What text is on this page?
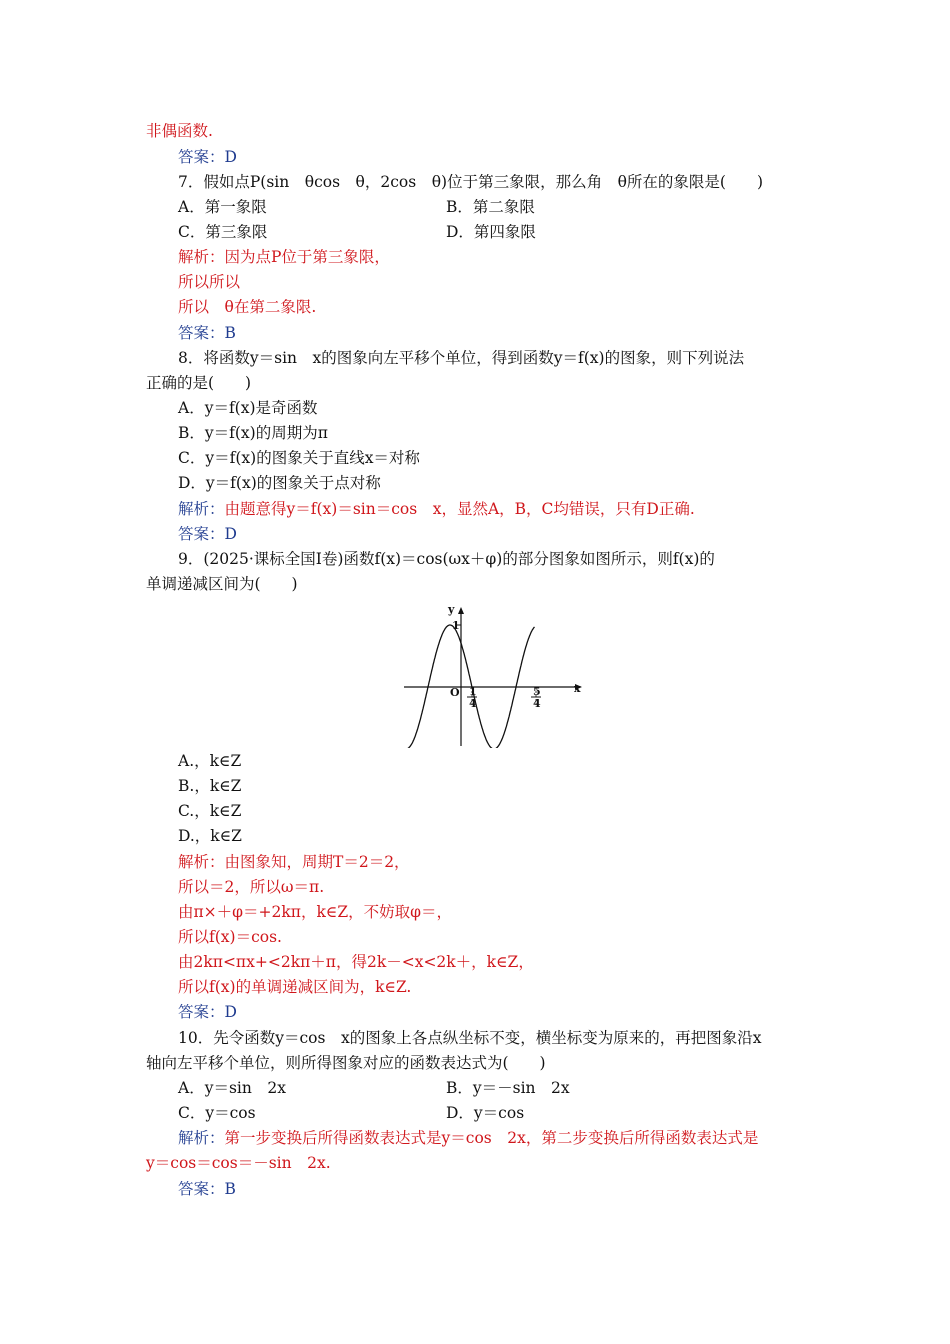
非偶函数.
答案：D
7．假如点P(sin　θcos　θ，2cos　θ)位于第三象限，那么角　θ所在的象限是(　　)
A．第一象限	B．第二象限
C．第三象限	D．第四象限
解析：因为点P位于第三象限，
所以所以
所以　θ在第二象限.
答案：B
8．将函数y＝sin　x的图象向左平移个单位，得到函数y＝f(x)的图象，则下列说法
正确的是(　　)
A．y＝f(x)是奇函数
B．y＝f(x)的周期为π
C．y＝f(x)的图象关于直线x＝对称
D．y＝f(x)的图象关于点对称
解析：由题意得y＝f(x)＝sin＝cos　x，显然A，B，C均错误，只有D正确.
答案：D
9．(2025·课标全国Ⅰ卷)函数f(x)＝cos(ωx＋φ)的部分图象如图所示，则f(x)的
单调递减区间为(　　)
y
x
O
1
1
4
5
4
A.，k∈Z
B.，k∈Z
C.，k∈Z
D.，k∈Z
解析：由图象知，周期T＝2＝2，
所以＝2，所以ω＝π.
由π×＋φ＝+2kπ，k∈Z，不妨取φ＝，
所以f(x)＝cos.
由2kπ<πx+<2kπ＋π，得2k－<x<2k＋，k∈Z，
所以f(x)的单调递减区间为，k∈Z.
答案：D
10．先令函数y＝cos　x的图象上各点纵坐标不变，横坐标变为原来的，再把图象沿x
轴向左平移个单位，则所得图象对应的函数表达式为(　　)
A．y＝sin　2x	B．y＝－sin　2x
C．y＝cos	D．y＝cos
解析：第一步变换后所得函数表达式是y＝cos　2x，第二步变换后所得函数表达式是
y＝cos＝cos＝－sin　2x.
答案：B
